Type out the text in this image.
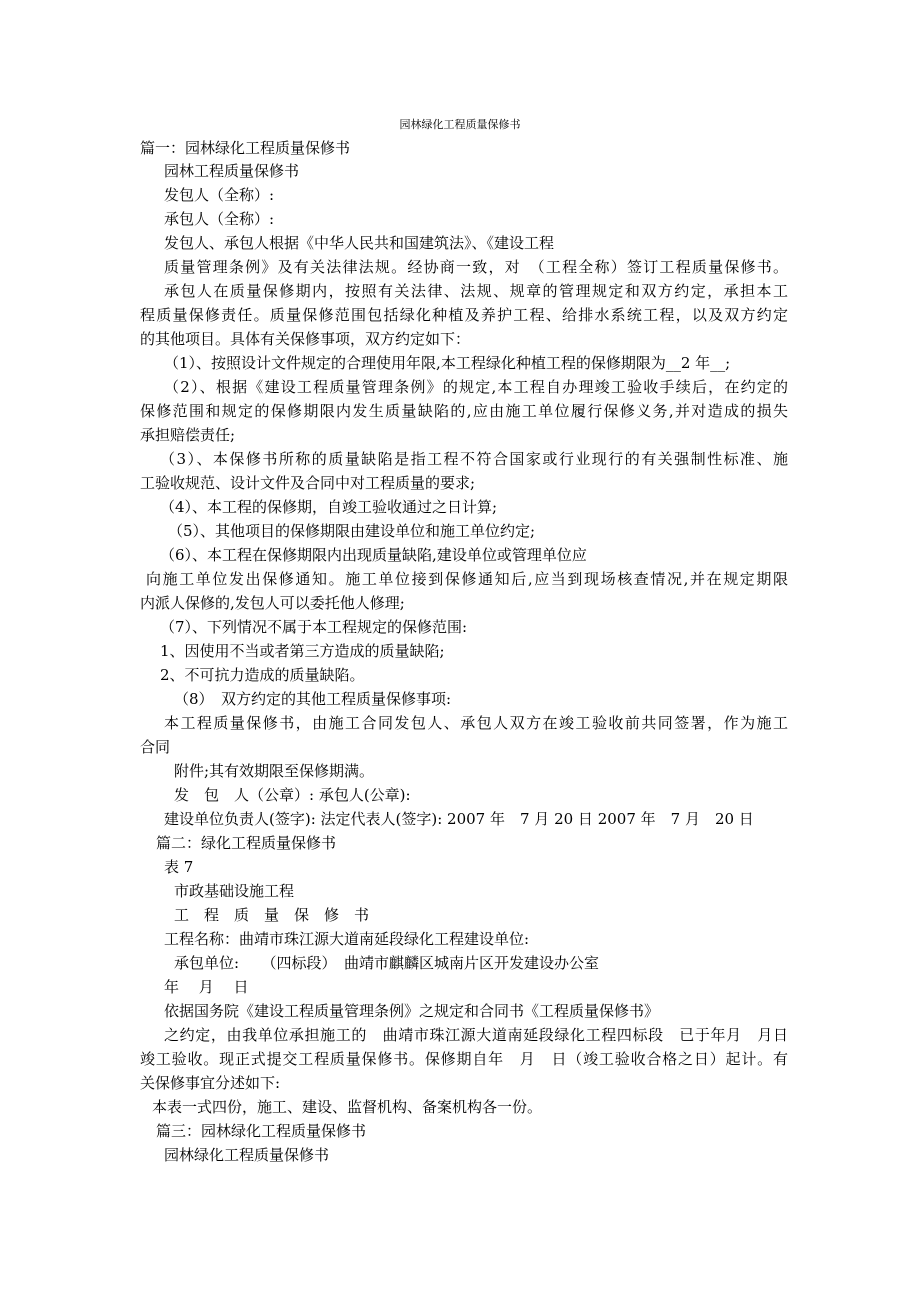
园林绿化工程质量保修书
篇一：园林绿化工程质量保修书
园林工程质量保修书
发包人（全称）:
承包人（全称）:
发包人、承包人根据《中华人民共和国建筑法》、《建设工程
质量管理条例》及有关法律法规。经协商一致，对　（工程全称）签订工程质量保修书。
承包人在质量保修期内，按照有关法律、法规、规章的管理规定和双方约定，承担本工
程质量保修责任。质量保修范围包括绿化种植及养护工程、给排水系统工程，以及双方约定
的其他项目。具体有关保修事项，双方约定如下：
（1）、按照设计文件规定的合理使用年限,本工程绿化种植工程的保修期限为__2 年__;
（2）、根据《建设工程质量管理条例》的规定,本工程自办理竣工验收手续后，在约定的
保修范围和规定的保修期限内发生质量缺陷的,应由施工单位履行保修义务,并对造成的损失
承担赔偿责任;
（3）、本保修书所称的质量缺陷是指工程不符合国家或行业现行的有关强制性标准、施
工验收规范、设计文件及合同中对工程质量的要求;
（4）、本工程的保修期，自竣工验收通过之日计算;
（5）、其他项目的保修期限由建设单位和施工单位约定;
（6）、本工程在保修期限内出现质量缺陷,建设单位或管理单位应
向施工单位发出保修通知。施工单位接到保修通知后,应当到现场核查情况,并在规定期限
内派人保修的,发包人可以委托他人修理;
（7）、下列情况不属于本工程规定的保修范围:
1、因使用不当或者第三方造成的质量缺陷;
2、不可抗力造成的质量缺陷。
（8）　双方约定的其他工程质量保修事项:
本工程质量保修书，由施工合同发包人、承包人双方在竣工验收前共同签署，作为施工
合同
附件;其有效期限至保修期满。
发　包　人（公章）: 承包人(公章):
建设单位负责人(签字): 法定代表人(签字): 2007 年　7 月 20 日 2007 年　7 月　20 日
篇二：绿化工程质量保修书
表 7
市政基础设施工程
工　程　质　量　保　修　书
工程名称：曲靖市珠江源大道南延段绿化工程建设单位:
承包单位:　　（四标段）　曲靖市麒麟区城南片区开发建设办公室
年　 月　 日
依据国务院《建设工程质量管理条例》之规定和合同书《工程质量保修书》
之约定，由我单位承担施工的　曲靖市珠江源大道南延段绿化工程四标段　已于年月　月日
竣工验收。现正式提交工程质量保修书。保修期自年　月　日（竣工验收合格之日）起计。有
关保修事宜分述如下:
本表一式四份，施工、建设、监督机构、备案机构各一份。
篇三：园林绿化工程质量保修书
园林绿化工程质量保修书
